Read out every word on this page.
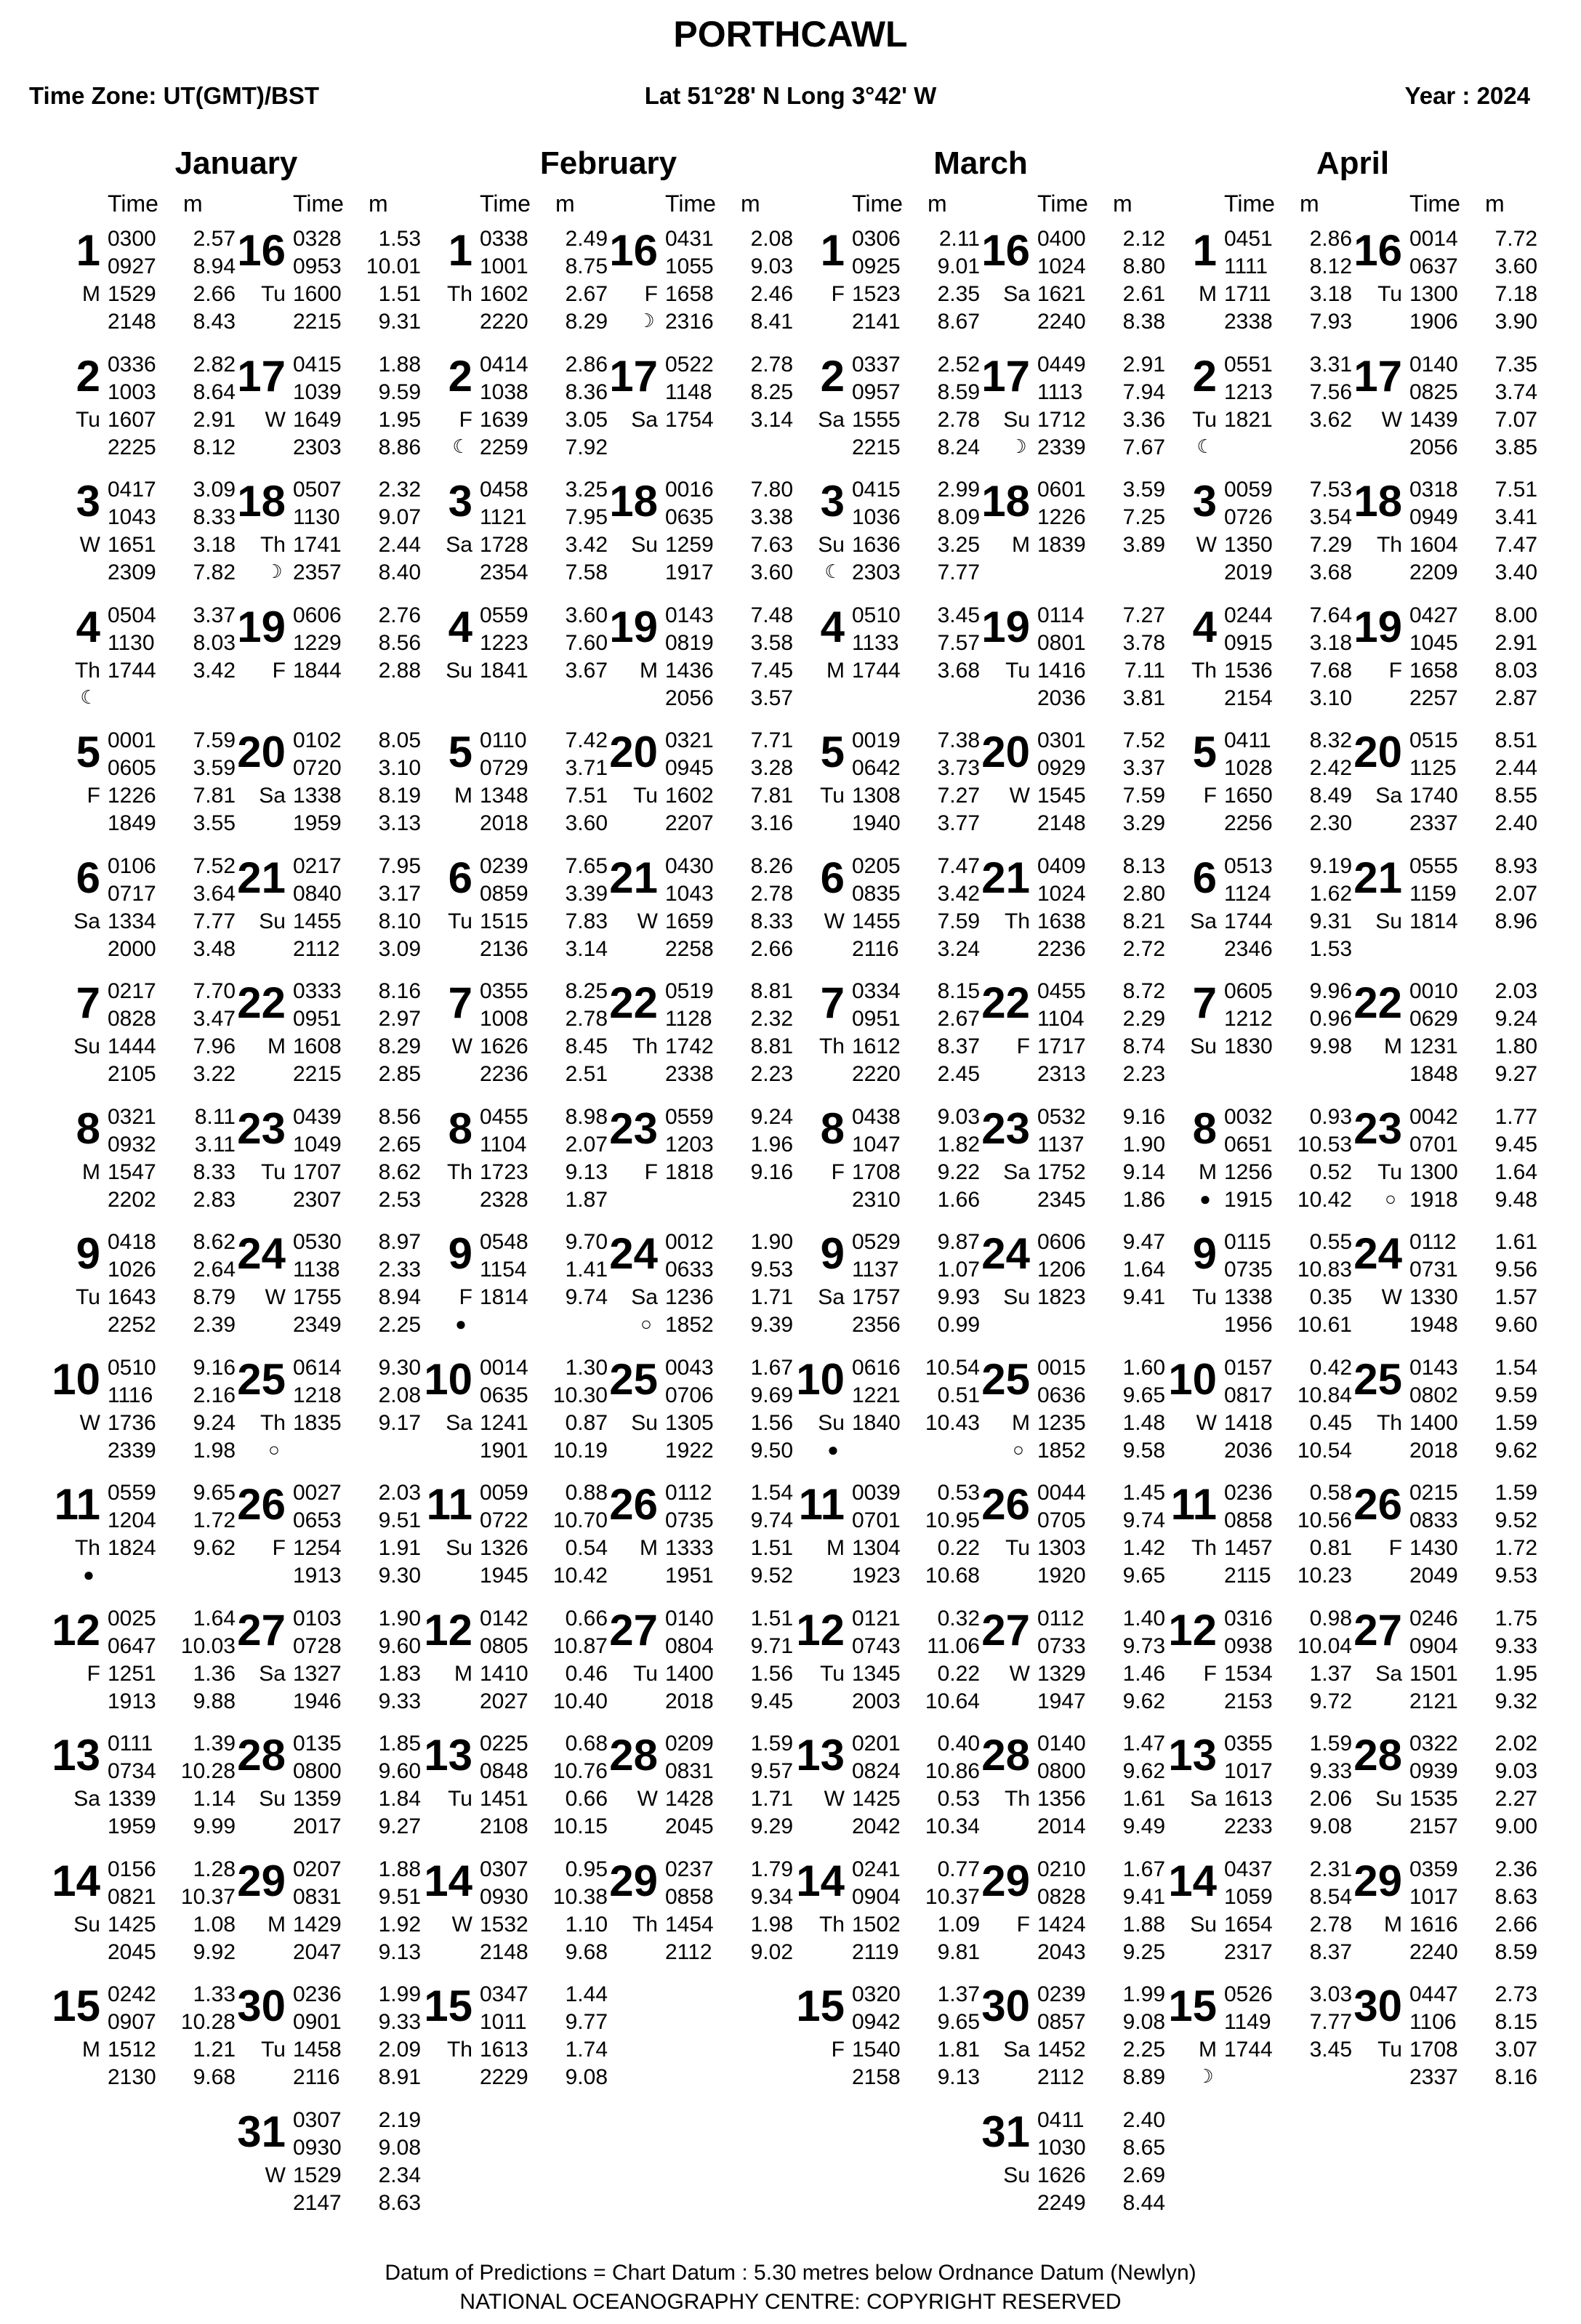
PORTHCAWL
Time Zone: UT(GMT)/BST	Lat 51°28' N Long 3°42' W	Year : 2024
January
Time m
1
M
0300	2.57
0927	8.94
1529	2.66
2148	8.43
2
Tu
0336	2.82
1003	8.64
1607	2.91
2225	8.12
3
W
0417	3.09
1043	8.33
1651	3.18
2309	7.82
4
Th
☾
0504	3.37
1130	8.03
1744	3.42
5
F
0001	7.59
0605	3.59
1226	7.81
1849	3.55
6
Sa
0106	7.52
0717	3.64
1334	7.77
2000	3.48
7
Su
0217	7.70
0828	3.47
1444	7.96
2105	3.22
8
M
0321	8.11
0932	3.11
1547	8.33
2202	2.83
9
Tu
0418	8.62
1026	2.64
1643	8.79
2252	2.39
10
W
0510	9.16
1116	2.16
1736	9.24
2339	1.98
11
Th
●
0559	9.65
1204	1.72
1824	9.62
12
F
0025	1.64
0647	10.03
1251	1.36
1913	9.88
13
Sa
0111	1.39
0734	10.28
1339	1.14
1959	9.99
14
Su
0156	1.28
0821	10.37
1425	1.08
2045	9.92
15
M
0242	1.33
0907	10.28
1512	1.21
2130	9.68
Time m
16
Tu
0328	1.53
0953	10.01
1600	1.51
2215	9.31
17
W
0415	1.88
1039	9.59
1649	1.95
2303	8.86
18
Th
☽
0507	2.32
1130	9.07
1741	2.44
2357	8.40
19
F
0606	2.76
1229	8.56
1844	2.88
20
Sa
0102	8.05
0720	3.10
1338	8.19
1959	3.13
21
Su
0217	7.95
0840	3.17
1455	8.10
2112	3.09
22
M
0333	8.16
0951	2.97
1608	8.29
2215	2.85
23
Tu
0439	8.56
1049	2.65
1707	8.62
2307	2.53
24
W
0530	8.97
1138	2.33
1755	8.94
2349	2.25
25
Th
○
0614	9.30
1218	2.08
1835	9.17
26
F
0027	2.03
0653	9.51
1254	1.91
1913	9.30
27
Sa
0103	1.90
0728	9.60
1327	1.83
1946	9.33
28
Su
0135	1.85
0800	9.60
1359	1.84
2017	9.27
29
M
0207	1.88
0831	9.51
1429	1.92
2047	9.13
30
Tu
0236	1.99
0901	9.33
1458	2.09
2116	8.91
31
W
0307	2.19
0930	9.08
1529	2.34
2147	8.63
February
Time m
1
Th
0338	2.49
1001	8.75
1602	2.67
2220	8.29
2
F
☾
0414	2.86
1038	8.36
1639	3.05
2259	7.92
3
Sa
0458	3.25
1121	7.95
1728	3.42
2354	7.58
4
Su
0559	3.60
1223	7.60
1841	3.67
5
M
0110	7.42
0729	3.71
1348	7.51
2018	3.60
6
Tu
0239	7.65
0859	3.39
1515	7.83
2136	3.14
7
W
0355	8.25
1008	2.78
1626	8.45
2236	2.51
8
Th
0455	8.98
1104	2.07
1723	9.13
2328	1.87
9
F
●
0548	9.70
1154	1.41
1814	9.74
10
Sa
0014	1.30
0635	10.30
1241	0.87
1901	10.19
11
Su
0059	0.88
0722	10.70
1326	0.54
1945	10.42
12
M
0142	0.66
0805	10.87
1410	0.46
2027	10.40
13
Tu
0225	0.68
0848	10.76
1451	0.66
2108	10.15
14
W
0307	0.95
0930	10.38
1532	1.10
2148	9.68
15
Th
0347	1.44
1011	9.77
1613	1.74
2229	9.08
Time m
16
F
☽
0431	2.08
1055	9.03
1658	2.46
2316	8.41
17
Sa
0522	2.78
1148	8.25
1754	3.14
18
Su
0016	7.80
0635	3.38
1259	7.63
1917	3.60
19
M
0143	7.48
0819	3.58
1436	7.45
2056	3.57
20
Tu
0321	7.71
0945	3.28
1602	7.81
2207	3.16
21
W
0430	8.26
1043	2.78
1659	8.33
2258	2.66
22
Th
0519	8.81
1128	2.32
1742	8.81
2338	2.23
23
F
0559	9.24
1203	1.96
1818	9.16
24
Sa
○
0012	1.90
0633	9.53
1236	1.71
1852	9.39
25
Su
0043	1.67
0706	9.69
1305	1.56
1922	9.50
26
M
0112	1.54
0735	9.74
1333	1.51
1951	9.52
27
Tu
0140	1.51
0804	9.71
1400	1.56
2018	9.45
28
W
0209	1.59
0831	9.57
1428	1.71
2045	9.29
29
Th
0237	1.79
0858	9.34
1454	1.98
2112	9.02
March
Time m
1
F
0306	2.11
0925	9.01
1523	2.35
2141	8.67
2
Sa
0337	2.52
0957	8.59
1555	2.78
2215	8.24
3
Su
☾
0415	2.99
1036	8.09
1636	3.25
2303	7.77
4
M
0510	3.45
1133	7.57
1744	3.68
5
Tu
0019	7.38
0642	3.73
1308	7.27
1940	3.77
6
W
0205	7.47
0835	3.42
1455	7.59
2116	3.24
7
Th
0334	8.15
0951	2.67
1612	8.37
2220	2.45
8
F
0438	9.03
1047	1.82
1708	9.22
2310	1.66
9
Sa
0529	9.87
1137	1.07
1757	9.93
2356	0.99
10
Su
●
0616	10.54
1221	0.51
1840	10.43
11
M
0039	0.53
0701	10.95
1304	0.22
1923	10.68
12
Tu
0121	0.32
0743	11.06
1345	0.22
2003	10.64
13
W
0201	0.40
0824	10.86
1425	0.53
2042	10.34
14
Th
0241	0.77
0904	10.37
1502	1.09
2119	9.81
15
F
0320	1.37
0942	9.65
1540	1.81
2158	9.13
Time m
16
Sa
0400	2.12
1024	8.80
1621	2.61
2240	8.38
17
Su
☽
0449	2.91
1113	7.94
1712	3.36
2339	7.67
18
M
0601	3.59
1226	7.25
1839	3.89
19
Tu
0114	7.27
0801	3.78
1416	7.11
2036	3.81
20
W
0301	7.52
0929	3.37
1545	7.59
2148	3.29
21
Th
0409	8.13
1024	2.80
1638	8.21
2236	2.72
22
F
0455	8.72
1104	2.29
1717	8.74
2313	2.23
23
Sa
0532	9.16
1137	1.90
1752	9.14
2345	1.86
24
Su
0606	9.47
1206	1.64
1823	9.41
25
M
○
0015	1.60
0636	9.65
1235	1.48
1852	9.58
26
Tu
0044	1.45
0705	9.74
1303	1.42
1920	9.65
27
W
0112	1.40
0733	9.73
1329	1.46
1947	9.62
28
Th
0140	1.47
0800	9.62
1356	1.61
2014	9.49
29
F
0210	1.67
0828	9.41
1424	1.88
2043	9.25
30
Sa
0239	1.99
0857	9.08
1452	2.25
2112	8.89
31
Su
0411	2.40
1030	8.65
1626	2.69
2249	8.44
April
Time m
1
M
0451	2.86
1111	8.12
1711	3.18
2338	7.93
2
Tu
☾
0551	3.31
1213	7.56
1821	3.62
3
W
0059	7.53
0726	3.54
1350	7.29
2019	3.68
4
Th
0244	7.64
0915	3.18
1536	7.68
2154	3.10
5
F
0411	8.32
1028	2.42
1650	8.49
2256	2.30
6
Sa
0513	9.19
1124	1.62
1744	9.31
2346	1.53
7
Su
0605	9.96
1212	0.96
1830	9.98
8
M
●
0032	0.93
0651	10.53
1256	0.52
1915	10.42
9
Tu
0115	0.55
0735	10.83
1338	0.35
1956	10.61
10
W
0157	0.42
0817	10.84
1418	0.45
2036	10.54
11
Th
0236	0.58
0858	10.56
1457	0.81
2115	10.23
12
F
0316	0.98
0938	10.04
1534	1.37
2153	9.72
13
Sa
0355	1.59
1017	9.33
1613	2.06
2233	9.08
14
Su
0437	2.31
1059	8.54
1654	2.78
2317	8.37
15
M
☽
0526	3.03
1149	7.77
1744	3.45
Time m
16
Tu
0014	7.72
0637	3.60
1300	7.18
1906	3.90
17
W
0140	7.35
0825	3.74
1439	7.07
2056	3.85
18
Th
0318	7.51
0949	3.41
1604	7.47
2209	3.40
19
F
0427	8.00
1045	2.91
1658	8.03
2257	2.87
20
Sa
0515	8.51
1125	2.44
1740	8.55
2337	2.40
21
Su
0555	8.93
1159	2.07
1814	8.96
22
M
0010	2.03
0629	9.24
1231	1.80
1848	9.27
23
Tu
○
0042	1.77
0701	9.45
1300	1.64
1918	9.48
24
W
0112	1.61
0731	9.56
1330	1.57
1948	9.60
25
Th
0143	1.54
0802	9.59
1400	1.59
2018	9.62
26
F
0215	1.59
0833	9.52
1430	1.72
2049	9.53
27
Sa
0246	1.75
0904	9.33
1501	1.95
2121	9.32
28
Su
0322	2.02
0939	9.03
1535	2.27
2157	9.00
29
M
0359	2.36
1017	8.63
1616	2.66
2240	8.59
30
Tu
0447	2.73
1106	8.15
1708	3.07
2337	8.16
Datum of Predictions = Chart Datum : 5.30 metres below Ordnance Datum (Newlyn)
NATIONAL OCEANOGRAPHY CENTRE: COPYRIGHT RESERVED
